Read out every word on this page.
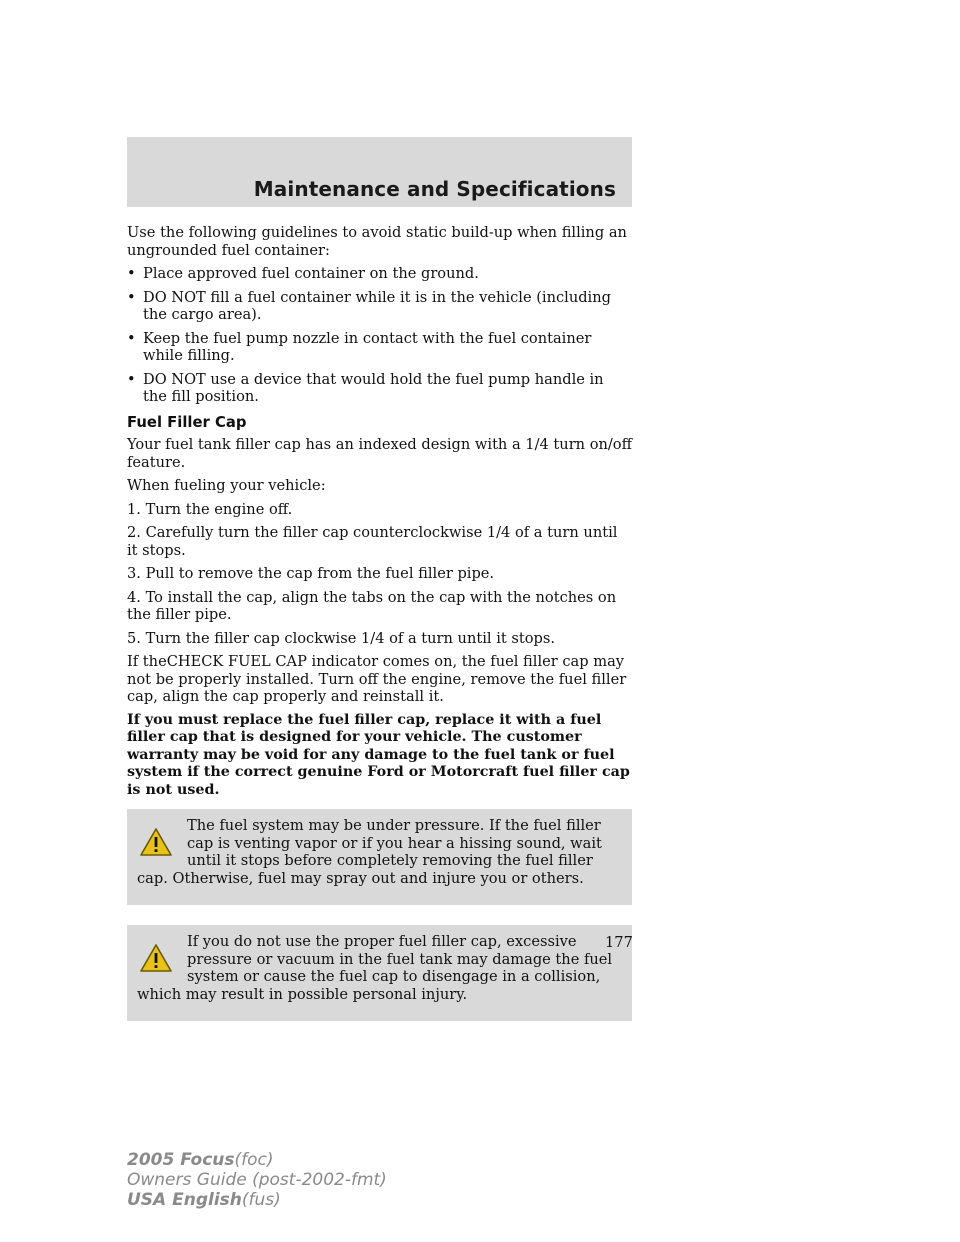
Maintenance and Specifications

Use the following guidelines to avoid static build-up when filling an ungrounded fuel container:

• Place approved fuel container on the ground.
• DO NOT fill a fuel container while it is in the vehicle (including the cargo area).
• Keep the fuel pump nozzle in contact with the fuel container while filling.
• DO NOT use a device that would hold the fuel pump handle in the fill position.
Fuel Filler Cap

Your fuel tank filler cap has an indexed design with a 1/4 turn on/off feature.

When fueling your vehicle:

1. Turn the engine off.
2. Carefully turn the filler cap counterclockwise 1/4 of a turn until it stops.
3. Pull to remove the cap from the fuel filler pipe.
4. To install the cap, align the tabs on the cap with the notches on the filler pipe.
5. Turn the filler cap clockwise 1/4 of a turn until it stops.

If theCHECK FUEL CAP indicator comes on, the fuel filler cap may not be properly installed. Turn off the engine, remove the fuel filler cap, align the cap properly and reinstall it.

If you must replace the fuel filler cap, replace it with a fuel filler cap that is designed for your vehicle. The customer warranty may be void for any damage to the fuel tank or fuel system if the correct genuine Ford or Motorcraft fuel filler cap is not used.

The fuel system may be under pressure. If the fuel filler cap is venting vapor or if you hear a hissing sound, wait until it stops before completely removing the fuel filler cap. Otherwise, fuel may spray out and injure you or others.

If you do not use the proper fuel filler cap, excessive pressure or vacuum in the fuel tank may damage the fuel system or cause the fuel cap to disengage in a collision, which may result in possible personal injury.

177
2005 Focus(foc)
Owners Guide (post-2002-fmt)
USA English(fus)
